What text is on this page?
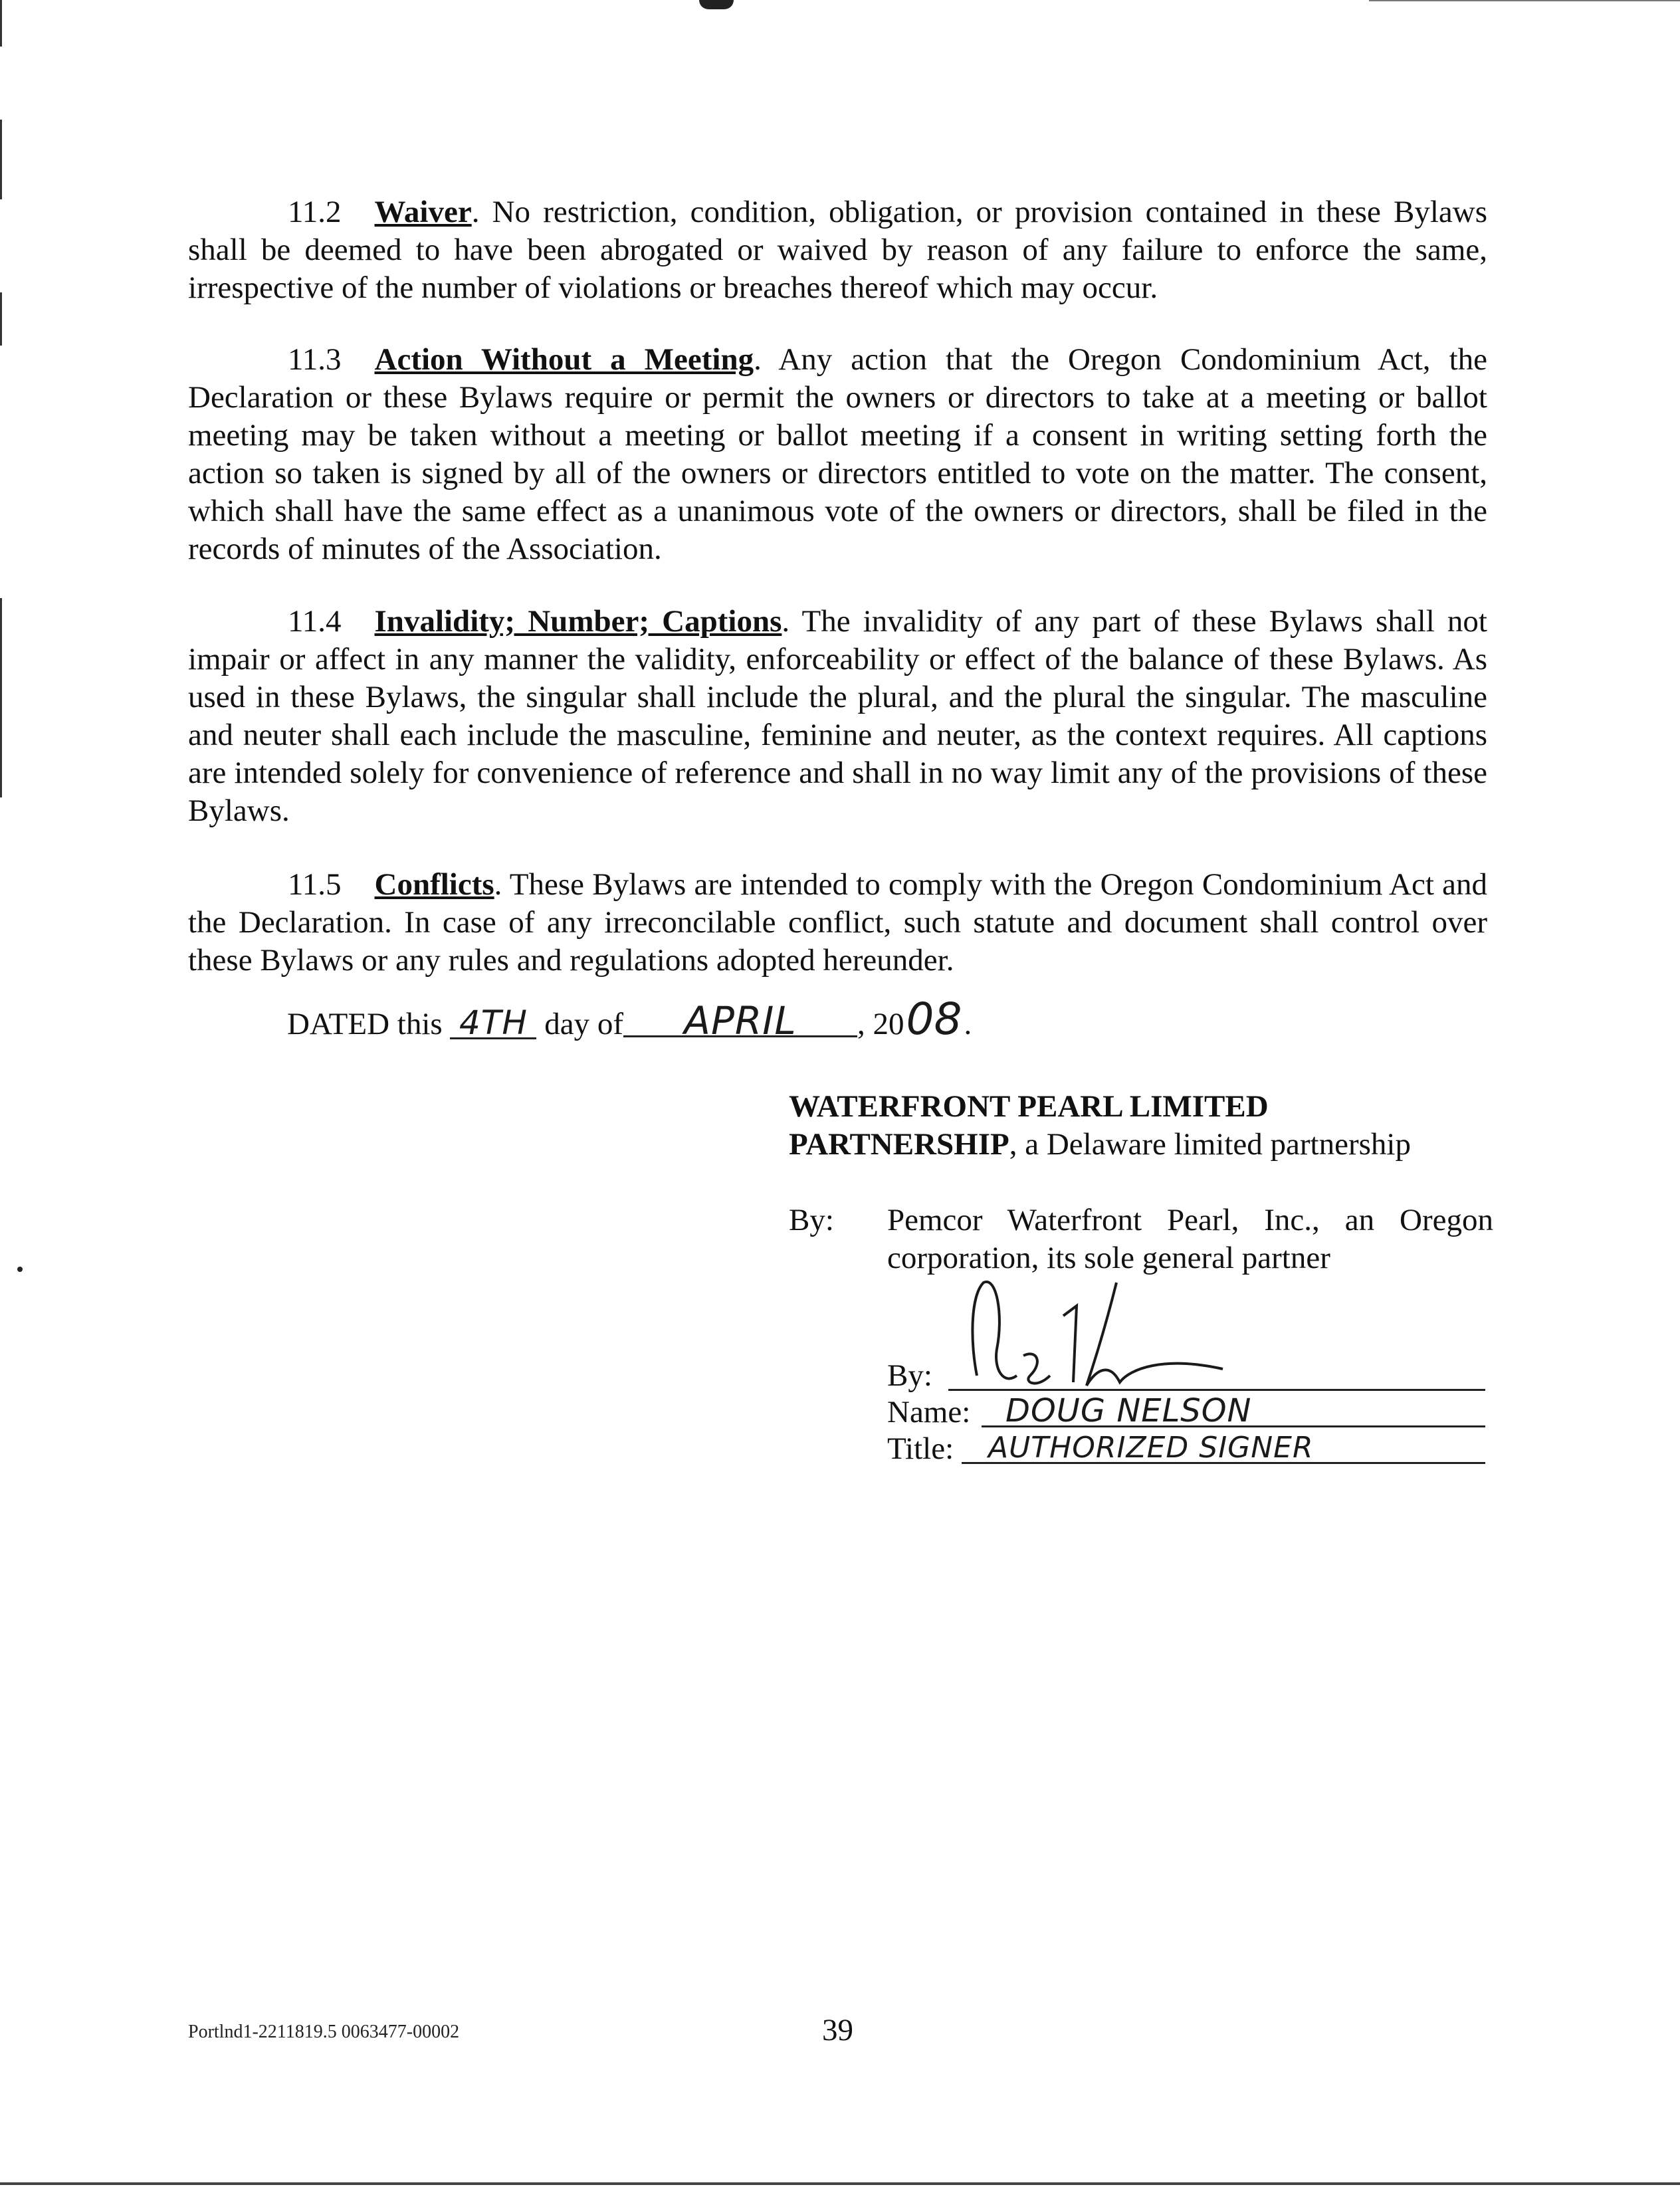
11.2 Waiver. No restriction, condition, obligation, or provision contained in these Bylaws shall be deemed to have been abrogated or waived by reason of any failure to enforce the same, irrespective of the number of violations or breaches thereof which may occur.
11.3 Action Without a Meeting. Any action that the Oregon Condominium Act, the Declaration or these Bylaws require or permit the owners or directors to take at a meeting or ballot meeting may be taken without a meeting or ballot meeting if a consent in writing setting forth the action so taken is signed by all of the owners or directors entitled to vote on the matter. The consent, which shall have the same effect as a unanimous vote of the owners or directors, shall be filed in the records of minutes of the Association.
11.4 Invalidity; Number; Captions. The invalidity of any part of these Bylaws shall not impair or affect in any manner the validity, enforceability or effect of the balance of these Bylaws. As used in these Bylaws, the singular shall include the plural, and the plural the singular. The masculine and neuter shall each include the masculine, feminine and neuter, as the context requires. All captions are intended solely for convenience of reference and shall in no way limit any of the provisions of these Bylaws.
11.5 Conflicts. These Bylaws are intended to comply with the Oregon Condominium Act and the Declaration. In case of any irreconcilable conflict, such statute and document shall control over these Bylaws or any rules and regulations adopted hereunder.
DATED this 4TH day of APRIL , 2008.
WATERFRONT PEARL LIMITED
PARTNERSHIP, a Delaware limited partnership
By: Pemcor Waterfront Pearl, Inc., an Oregon corporation, its sole general partner
By:
Name: DOUG NELSON
Title: AUTHORIZED SIGNER
Portlnd1-2211819.5 0063477-00002	39
